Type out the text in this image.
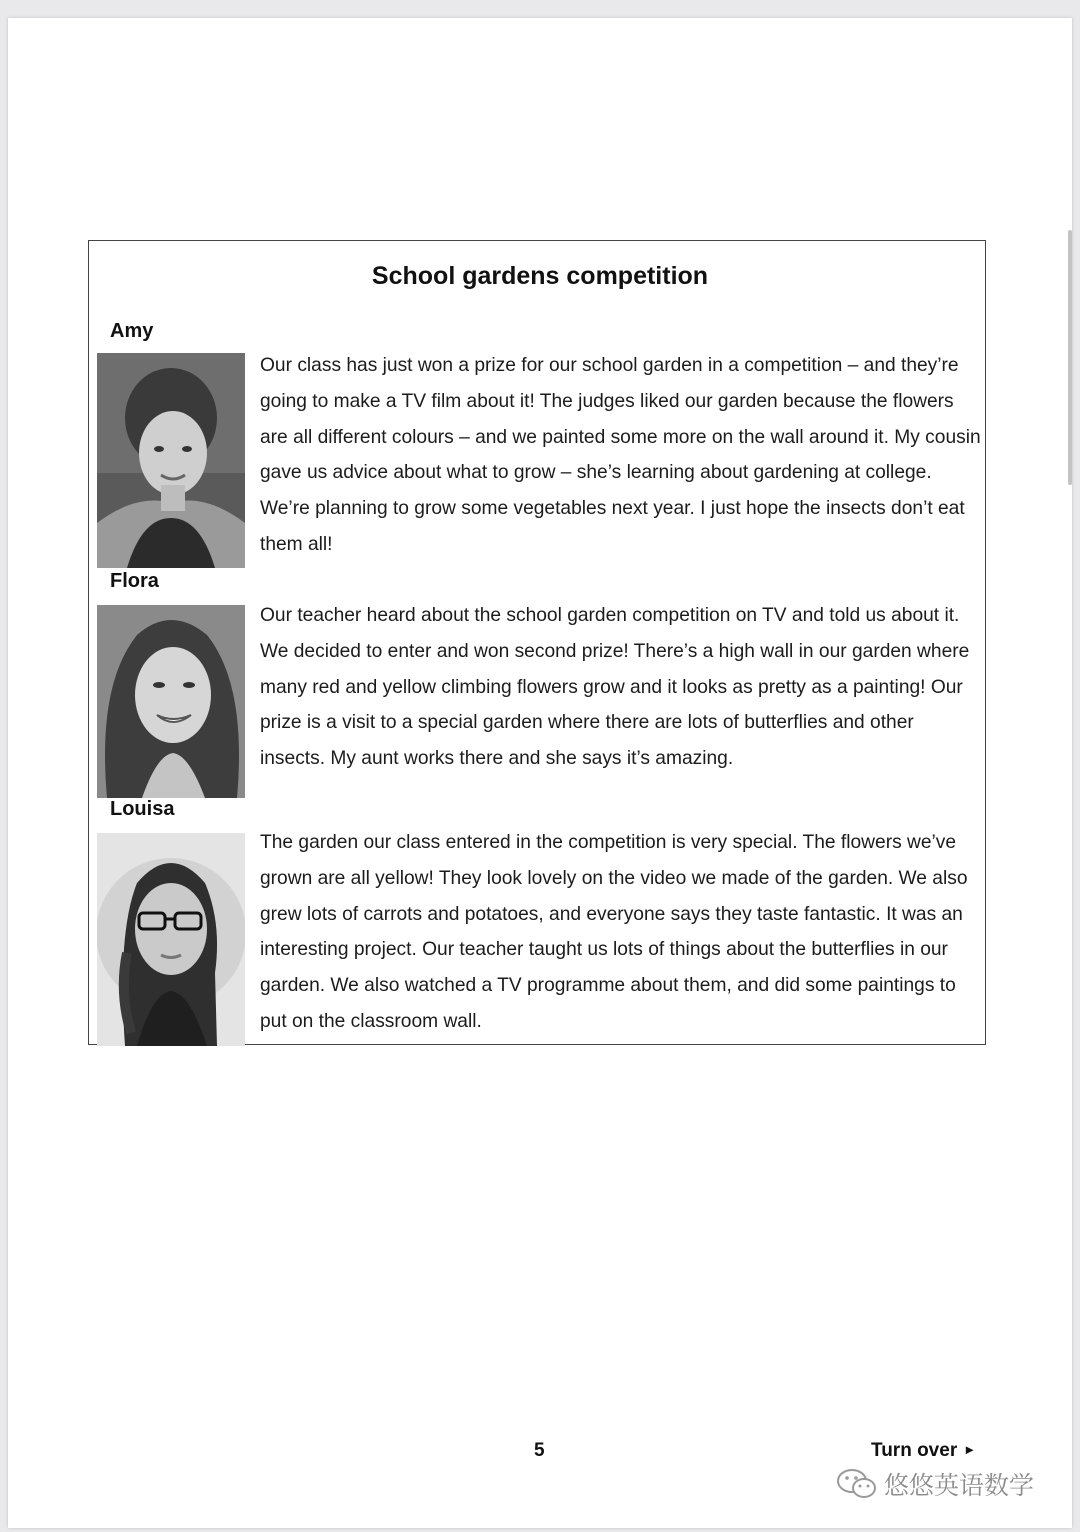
School gardens competition
Amy
Our class has just won a prize for our school garden in a competition – and they’re going to make a TV film about it! The judges liked our garden because the flowers are all different colours – and we painted some more on the wall around it. My cousin gave us advice about what to grow – she’s learning about gardening at college. We’re planning to grow some vegetables next year. I just hope the insects don’t eat them all!
Flora
Our teacher heard about the school garden competition on TV and told us about it. We decided to enter and won second prize! There’s a high wall in our garden where many red and yellow climbing flowers grow and it looks as pretty as a painting! Our prize is a visit to a special garden where there are lots of butterflies and other insects. My aunt works there and she says it’s amazing.
Louisa
The garden our class entered in the competition is very special. The flowers we’ve grown are all yellow! They look lovely on the video we made of the garden. We also grew lots of carrots and potatoes, and everyone says they taste fantastic. It was an interesting project. Our teacher taught us lots of things about the butterflies in our garden. We also watched a TV programme about them, and did some paintings to put on the classroom wall.
5	Turn over ►
悠悠英语数学
